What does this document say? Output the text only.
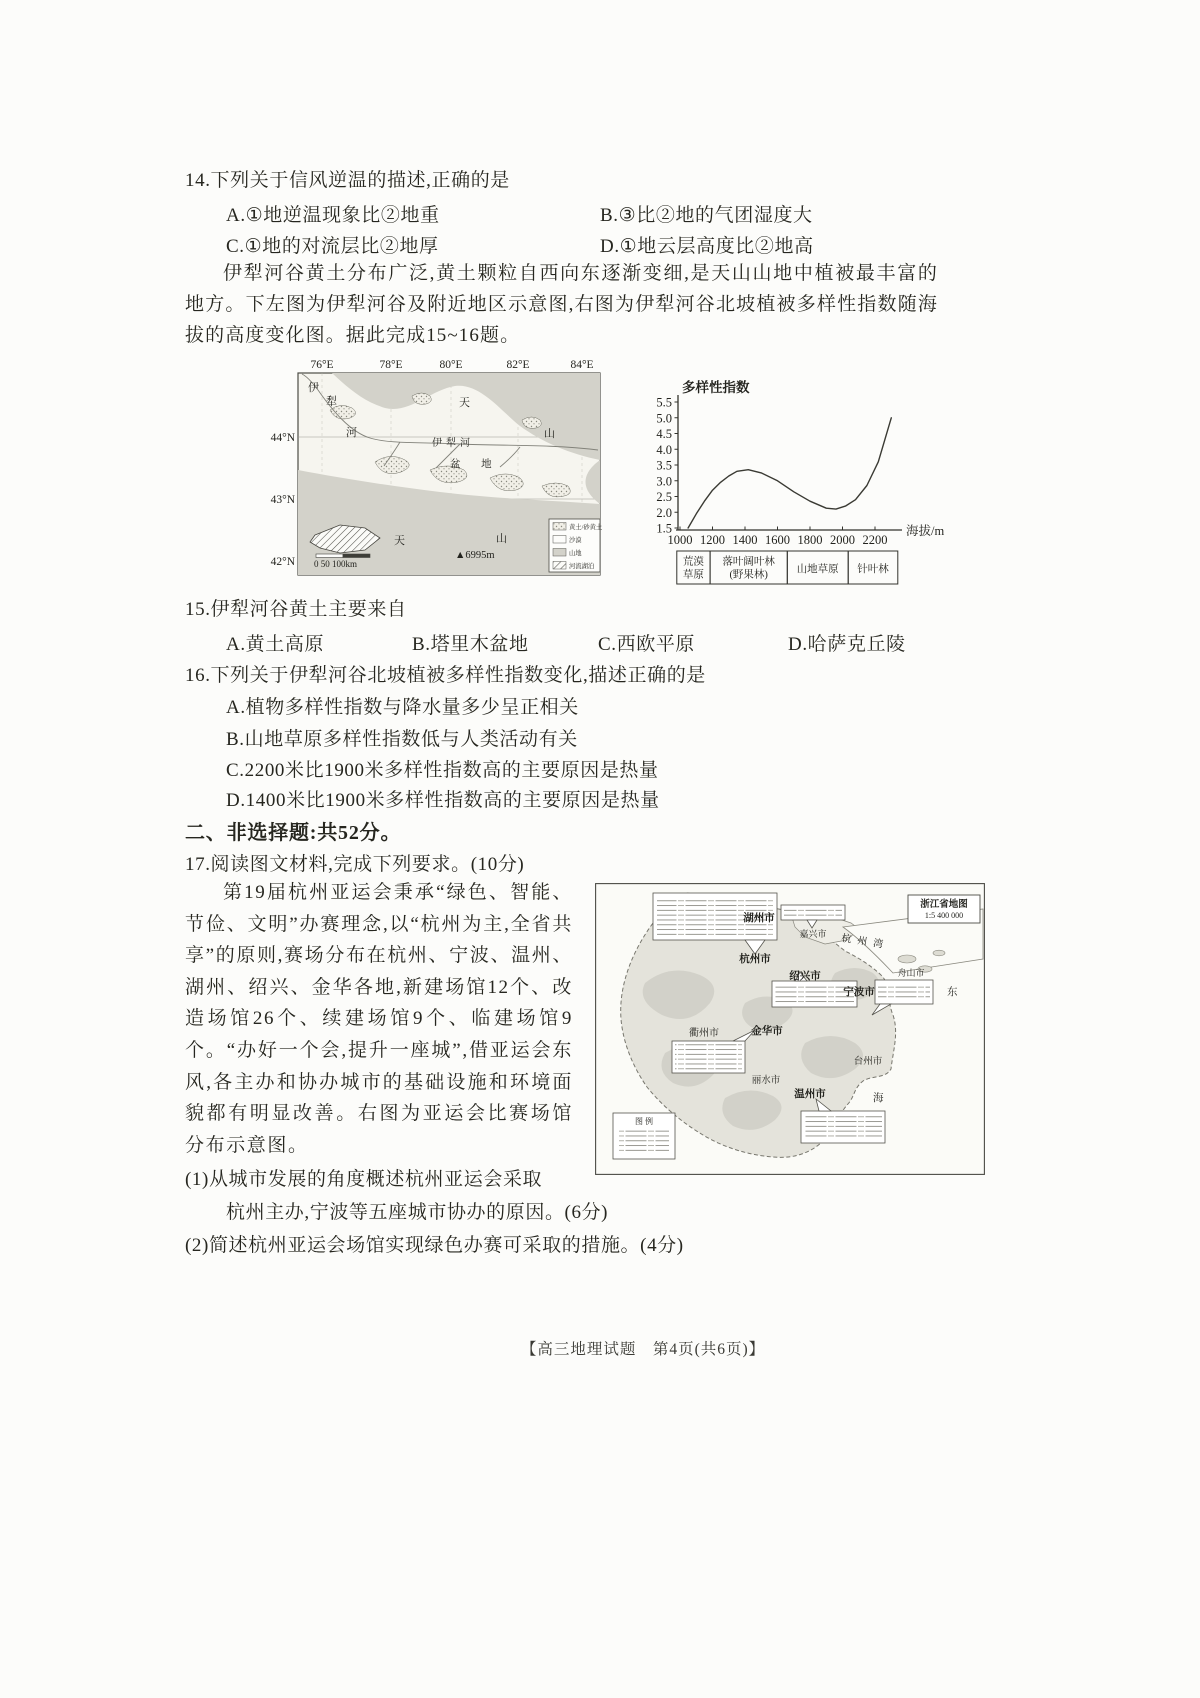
14.下列关于信风逆温的描述,正确的是
A.①地逆温现象比②地重	B.③比②地的气团湿度大
C.①地的对流层比②地厚	D.①地云层高度比②地高
伊犁河谷黄土分布广泛,黄土颗粒自西向东逐渐变细,是天山山地中植被最丰富的地方。下左图为伊犁河谷及附近地区示意图,右图为伊犁河谷北坡植被多样性指数随海拔的高度变化图。据此完成15~16题。
76°E	78°E	80°E	82°E	84°E
44°N
43°N
42°N
伊
犁
河
天
山
伊犁河
盆 地
天	山
▲6995m
0 50 100km
黄土/砂黄土
沙漠
山地
河流湖泊
1.5
2.0
2.5
3.0
3.5
4.0
4.5
5.0
5.5
1000 1200 1400 1600 1800 2000 2200
多样性指数
海拔/m
荒漠
草原
落叶阔叶林
(野果林)	山地草原 针叶林
15.伊犁河谷黄土主要来自
A.黄土高原	B.塔里木盆地	C.西欧平原	D.哈萨克丘陵
16.下列关于伊犁河谷北坡植被多样性指数变化,描述正确的是
A.植物多样性指数与降水量多少呈正相关
B.山地草原多样性指数低与人类活动有关
C.2200米比1900米多样性指数高的主要原因是热量
D.1400米比1900米多样性指数高的主要原因是热量
二、非选择题:共52分。
17.阅读图文材料,完成下列要求。(10分)
第19届杭州亚运会秉承“绿色、智能、节俭、文明”办赛理念,以“杭州为主,全省共享”的原则,赛场分布在杭州、宁波、温州、湖州、绍兴、金华各地,新建场馆12个、改造场馆26个、续建场馆9个、临建场馆9个。“办好一个会,提升一座城”,借亚运会东风,各主办和协办城市的基础设施和环境面貌都有明显改善。右图为亚运会比赛场馆分布示意图。
浙江省地图
1:5 400 000
图 例
湖州市
嘉兴市 杭州湾
杭州市
绍兴市
宁波市
舟山市
东
海
衢州市	金华市
台州市
丽水市
温州市
(1)从城市发展的角度概述杭州亚运会采取
杭州主办,宁波等五座城市协办的原因。(6分)
(2)简述杭州亚运会场馆实现绿色办赛可采取的措施。(4分)
【高三地理试题　第4页(共6页)】
